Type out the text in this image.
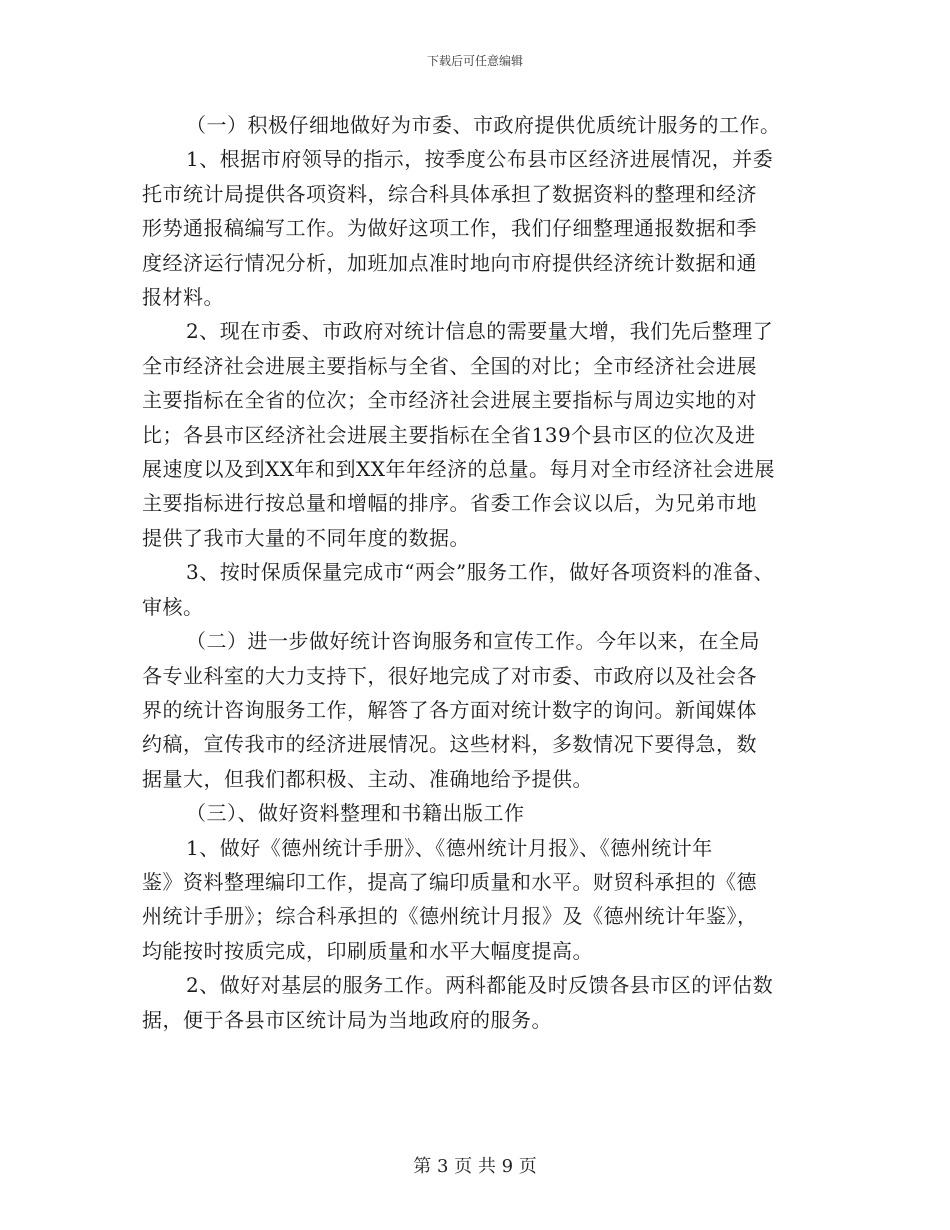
下载后可任意编辑
（一）积极仔细地做好为市委、市政府提供优质统计服务的工作。
1、根据市府领导的指示，按季度公布县市区经济进展情况，并委
托市统计局提供各项资料，综合科具体承担了数据资料的整理和经济
形势通报稿编写工作。为做好这项工作，我们仔细整理通报数据和季
度经济运行情况分析，加班加点准时地向市府提供经济统计数据和通
报材料。
2、现在市委、市政府对统计信息的需要量大增，我们先后整理了
全市经济社会进展主要指标与全省、全国的对比；全市经济社会进展
主要指标在全省的位次；全市经济社会进展主要指标与周边实地的对
比；各县市区经济社会进展主要指标在全省139个县市区的位次及进
展速度以及到XX年和到XX年年经济的总量。每月对全市经济社会进展
主要指标进行按总量和增幅的排序。省委工作会议以后，为兄弟市地
提供了我市大量的不同年度的数据。
3、按时保质保量完成市“两会”服务工作，做好各项资料的准备、
审核。
（二）进一步做好统计咨询服务和宣传工作。今年以来，在全局
各专业科室的大力支持下，很好地完成了对市委、市政府以及社会各
界的统计咨询服务工作，解答了各方面对统计数字的询问。新闻媒体
约稿，宣传我市的经济进展情况。这些材料，多数情况下要得急，数
据量大，但我们都积极、主动、准确地给予提供。
（三）、做好资料整理和书籍出版工作
1、做好《德州统计手册》、《德州统计月报》、《德州统计年
鉴》资料整理编印工作，提高了编印质量和水平。财贸科承担的《德
州统计手册》；综合科承担的《德州统计月报》及《德州统计年鉴》，
均能按时按质完成，印刷质量和水平大幅度提高。
2、做好对基层的服务工作。两科都能及时反馈各县市区的评估数
据，便于各县市区统计局为当地政府的服务。
第 3 页 共 9 页
